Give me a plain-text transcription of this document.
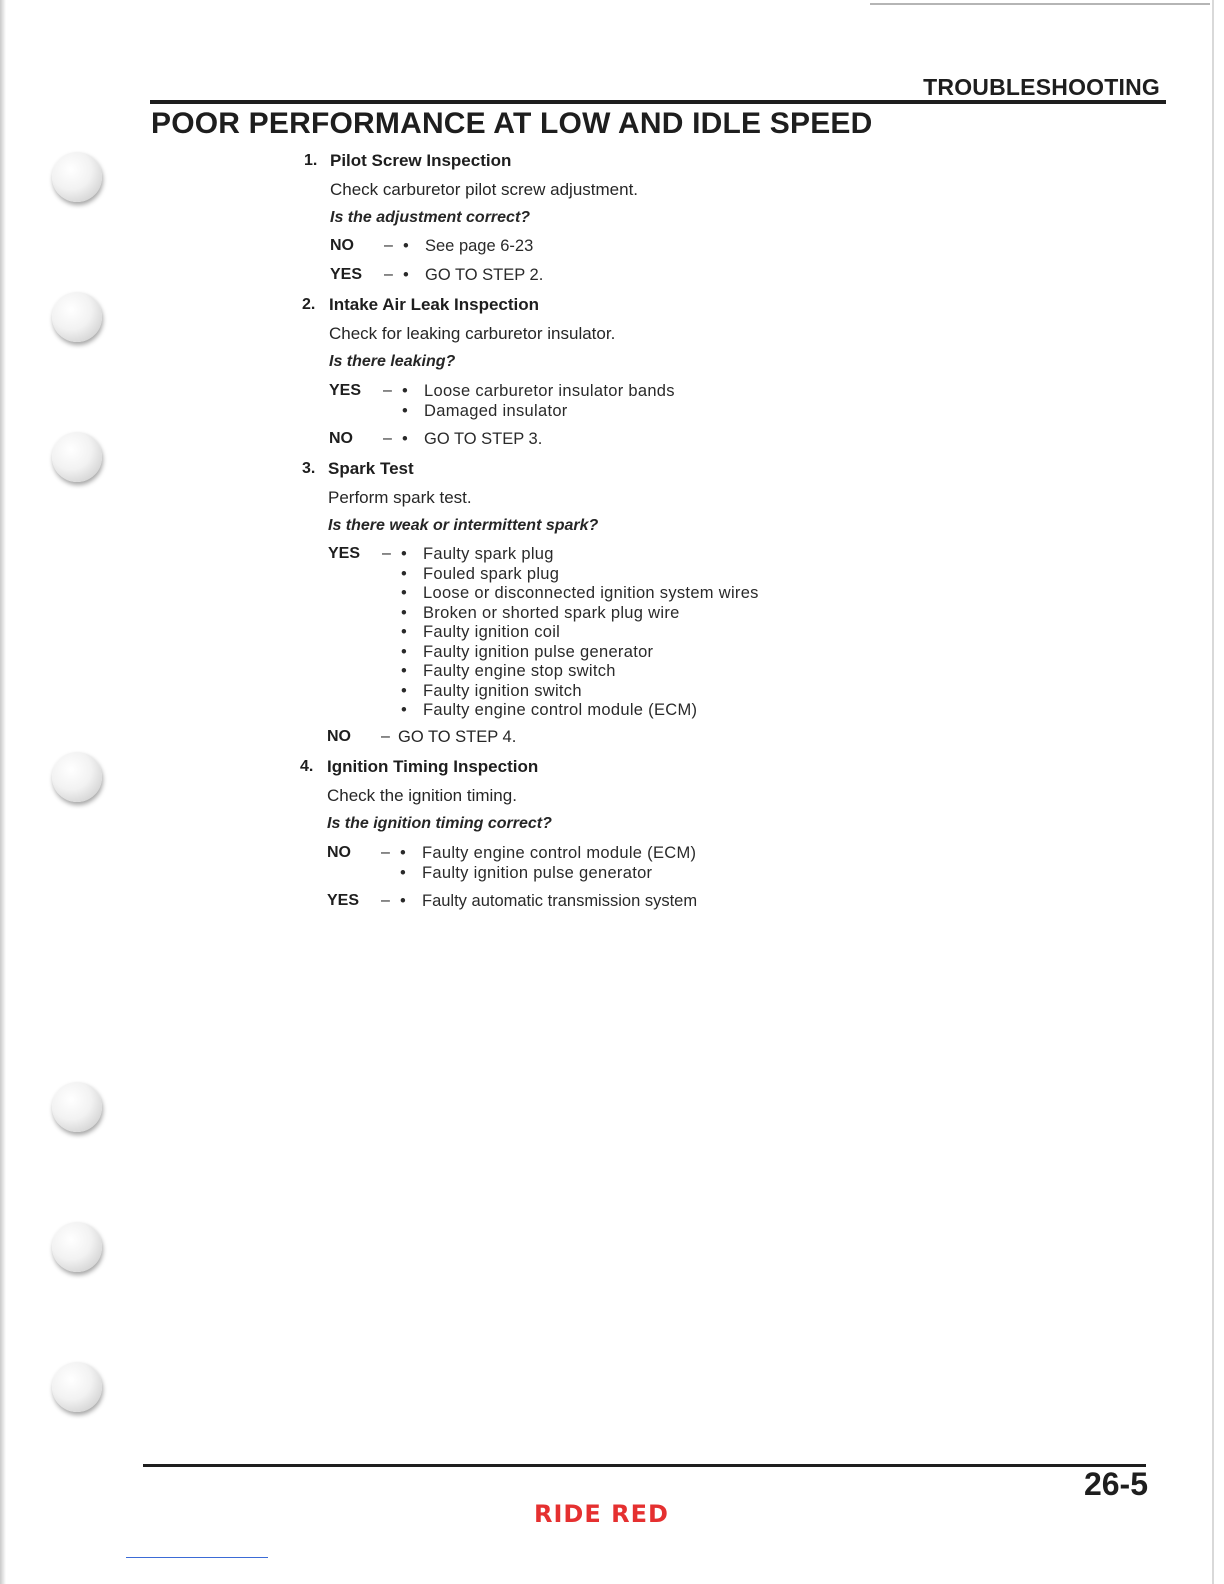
TROUBLESHOOTING
POOR PERFORMANCE AT LOW AND IDLE SPEED
1. Pilot Screw Inspection
Check carburetor pilot screw adjustment.
Is the adjustment correct?
NO – • See page 6-23
YES – • GO TO STEP 2.
2. Intake Air Leak Inspection
Check for leaking carburetor insulator.
Is there leaking?
YES – • Loose carburetor insulator bands
• Damaged insulator
NO – • GO TO STEP 3.
3. Spark Test
Perform spark test.
Is there weak or intermittent spark?
YES – • Faulty spark plug
• Fouled spark plug
• Loose or disconnected ignition system wires
• Broken or shorted spark plug wire
• Faulty ignition coil
• Faulty ignition pulse generator
• Faulty engine stop switch
• Faulty ignition switch
• Faulty engine control module (ECM)
NO – GO TO STEP 4.
4. Ignition Timing Inspection
Check the ignition timing.
Is the ignition timing correct?
NO – • Faulty engine control module (ECM)
• Faulty ignition pulse generator
YES – • Faulty automatic transmission system
26-5
RIDE RED
